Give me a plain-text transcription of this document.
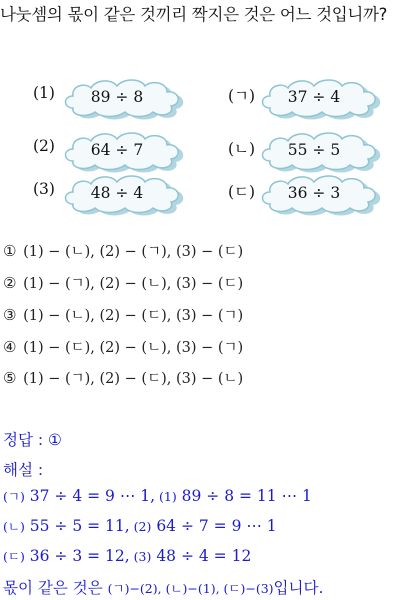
나눗셈의 몫이 같은 것끼리 짝지은 것은 어느 것입니까?
(1)	89 ÷ 8
(2)	64 ÷ 7
(3)	48 ÷ 4
(ㄱ)	37 ÷ 4
(ㄴ)	55 ÷ 5
(ㄷ)	36 ÷ 3
① (1) − (ㄴ), (2) − (ㄱ), (3) − (ㄷ)
② (1) − (ㄱ), (2) − (ㄴ), (3) − (ㄷ)
③ (1) − (ㄴ), (2) − (ㄷ), (3) − (ㄱ)
④ (1) − (ㄷ), (2) − (ㄴ), (3) − (ㄱ)
⑤ (1) − (ㄱ), (2) − (ㄷ), (3) − (ㄴ)
정답 : ①
해설 :
(ㄱ) 37 ÷ 4 = 9 ⋯ 1, (1) 89 ÷ 8 = 11 ⋯ 1
(ㄴ) 55 ÷ 5 = 11, (2) 64 ÷ 7 = 9 ⋯ 1
(ㄷ) 36 ÷ 3 = 12, (3) 48 ÷ 4 = 12
몫이 같은 것은 (ㄱ)−(2), (ㄴ)−(1), (ㄷ)−(3)입니다.
